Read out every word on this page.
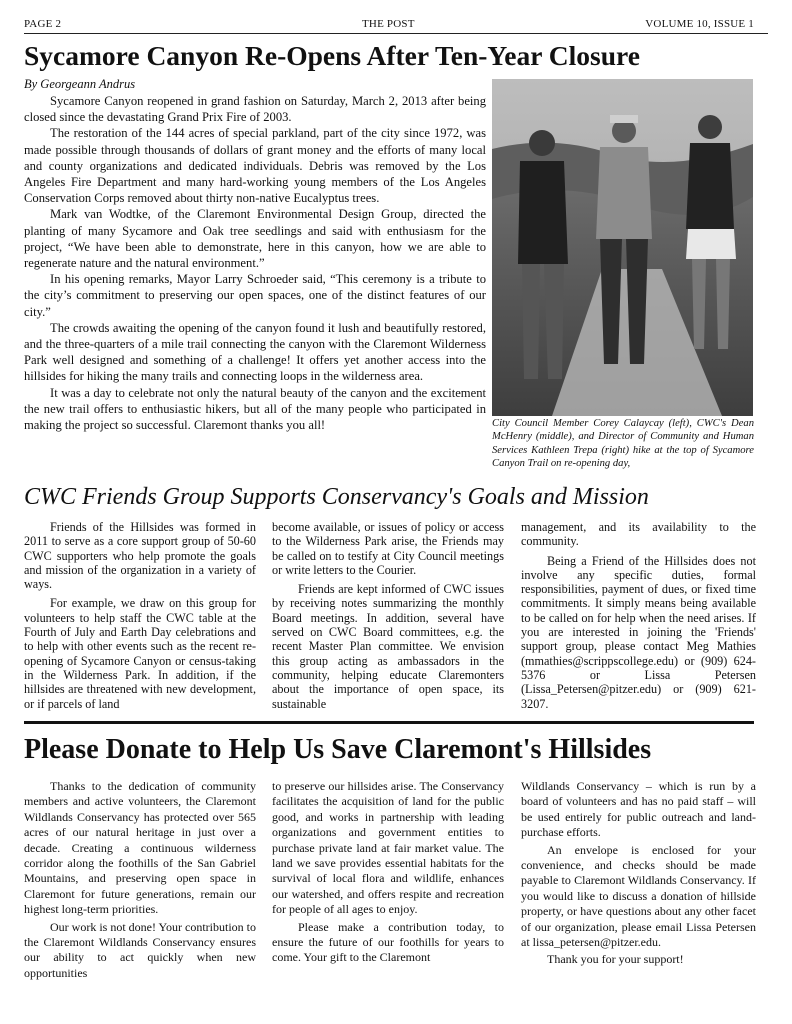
PAGE 2	THE POST	VOLUME 10, ISSUE 1
Sycamore Canyon Re-Opens After Ten-Year Closure
By Georgeann Andrus

Sycamore Canyon reopened in grand fashion on Saturday, March 2, 2013 after being closed since the devastating Grand Prix Fire of 2003.

The restoration of the 144 acres of special parkland, part of the city since 1972, was made possible through thousands of dollars of grant money and the efforts of many local and county organizations and dedicated individuals. Debris was removed by the Los Angeles Fire Department and many hard-working young members of the Los Angeles Conservation Corps removed about thirty non-native Eucalyptus trees.

Mark van Wodtke, of the Claremont Environmental Design Group, directed the planting of many Sycamore and Oak tree seedlings and said with enthusiasm for the project, “We have been able to demonstrate, here in this canyon, how we are able to regenerate nature and the natural environment.”

In his opening remarks, Mayor Larry Schroeder said, “This ceremony is a tribute to the city’s commitment to preserving our open spaces, one of the distinct features of our city.”

The crowds awaiting the opening of the canyon found it lush and beautifully restored, and the three-quarters of a mile trail connecting the canyon with the Claremont Wilderness Park well designed and something of a challenge! It offers yet another access into the hillsides for hiking the many trails and connecting loops in the wilderness area.

It was a day to celebrate not only the natural beauty of the canyon and the excitement the new trail offers to enthusiastic hikers, but all of the many people who participated in making the project so successful. Claremont thanks you all!	City Council Member Corey Calaycay (left), CWC's Dean McHenry (middle), and Director of Community and Human Services Kathleen Trepa (right) hike at the top of Sycamore Canyon Trail on re-opening day,
CWC Friends Group Supports Conservancy's Goals and Mission

Friends of the Hillsides was formed in 2011 to serve as a core support group of 50-60 CWC supporters who help promote the goals and mission of the organization in a variety of ways.

For example, we draw on this group for volunteers to help staff the CWC table at the Fourth of July and Earth Day celebrations and to help with other events such as the recent re-opening of Sycamore Canyon or census-taking in the Wilderness Park. In addition, if the hillsides are threatened with new development, or if parcels of land

become available, or issues of policy or access to the Wilderness Park arise, the Friends may be called on to testify at City Council meetings or write letters to the Courier.

Friends are kept informed of CWC issues by receiving notes summarizing the monthly Board meetings. In addition, several have served on CWC Board committees, e.g. the recent Master Plan committee. We envision this group acting as ambassadors in the community, helping educate Claremonters about the importance of open space, its sustainable

management, and its availability to the community.

Being a Friend of the Hillsides does not involve any specific duties, formal responsibilities, payment of dues, or fixed time commitments. It simply means being available to be called on for help when the need arises. If you are interested in joining the 'Friends' support group, please contact Meg Mathies (mmathies@scrippscollege.edu) or (909) 624-5376 or Lissa Petersen (Lissa_Petersen@pitzer.edu) or (909) 621-3207.

Please Donate to Help Us Save Claremont's Hillsides

Thanks to the dedication of community members and active volunteers, the Claremont Wildlands Conservancy has protected over 565 acres of our natural heritage in just over a decade. Creating a continuous wilderness corridor along the foothills of the San Gabriel Mountains, and preserving open space in Claremont for future generations, remain our highest long-term priorities.

Our work is not done! Your contribution to the Claremont Wildlands Conservancy ensures our ability to act quickly when new opportunities

to preserve our hillsides arise. The Conservancy facilitates the acquisition of land for the public good, and works in partnership with leading organizations and government entities to purchase private land at fair market value. The land we save provides essential habitats for the survival of local flora and wildlife, enhances our watershed, and offers respite and recreation for people of all ages to enjoy.

Please make a contribution today, to ensure the future of our foothills for years to come. Your gift to the Claremont

Wildlands Conservancy – which is run by a board of volunteers and has no paid staff – will be used entirely for public outreach and land-purchase efforts.

An envelope is enclosed for your convenience, and checks should be made payable to Claremont Wildlands Conservancy. If you would like to discuss a donation of hillside property, or have questions about any other facet of our organization, please email Lissa Petersen at lissa_petersen@pitzer.edu.

Thank you for your support!
